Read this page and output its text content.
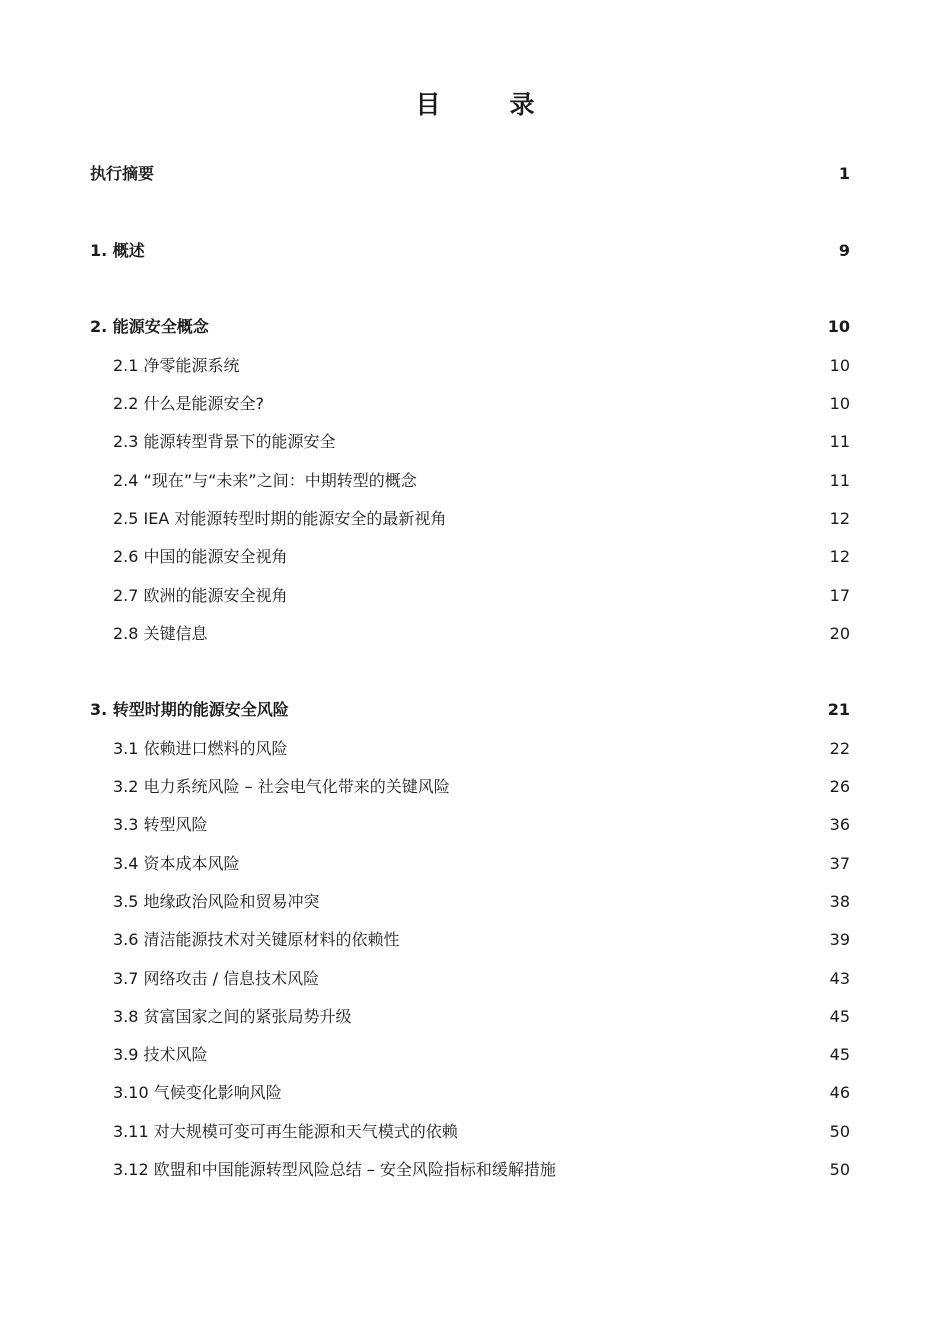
目　录
执行摘要	1
1. 概述	9
2. 能源安全概念	10
2.1 净零能源系统	10
2.2 什么是能源安全?	10
2.3 能源转型背景下的能源安全	11
2.4 “现在”与“未来”之间：中期转型的概念	11
2.5 IEA 对能源转型时期的能源安全的最新视角	12
2.6 中国的能源安全视角	12
2.7 欧洲的能源安全视角	17
2.8 关键信息	20
3. 转型时期的能源安全风险	21
3.1 依赖进口燃料的风险	22
3.2 电力系统风险 – 社会电气化带来的关键风险	26
3.3 转型风险	36
3.4 资本成本风险	37
3.5 地缘政治风险和贸易冲突	38
3.6 清洁能源技术对关键原材料的依赖性	39
3.7 网络攻击 / 信息技术风险	43
3.8 贫富国家之间的紧张局势升级	45
3.9 技术风险	45
3.10 气候变化影响风险	46
3.11 对大规模可变可再生能源和天气模式的依赖	50
3.12 欧盟和中国能源转型风险总结 – 安全风险指标和缓解措施	50
